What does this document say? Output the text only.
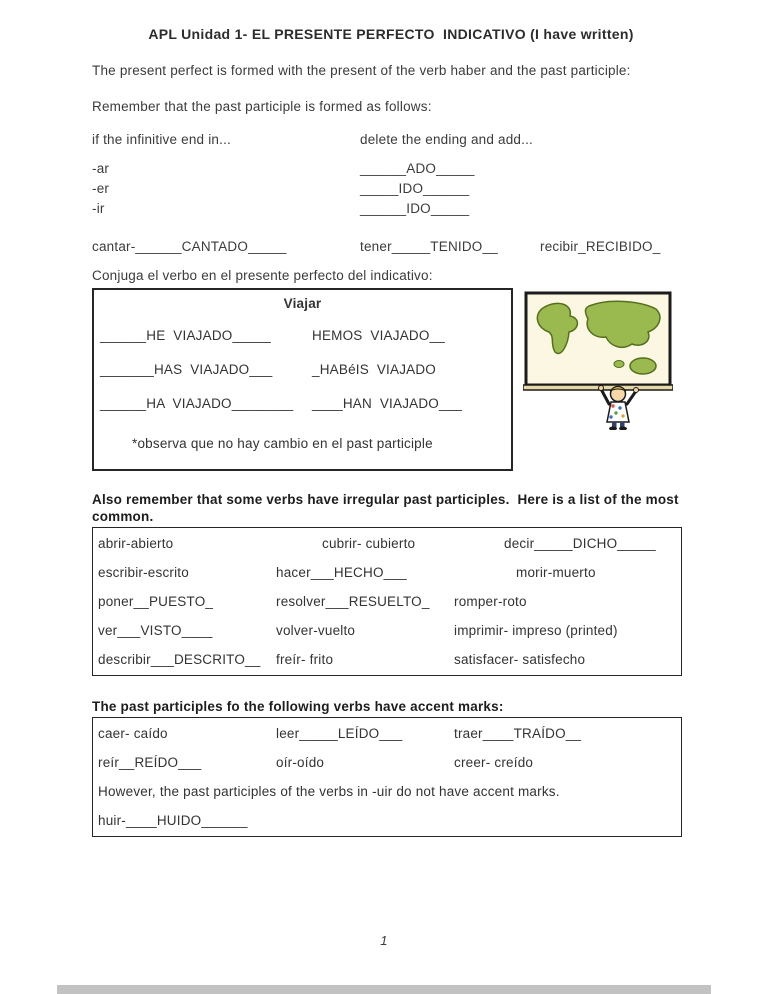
APL Unidad 1- EL PRESENTE PERFECTO  INDICATIVO (I have written)

The present perfect is formed with the present of the verb haber and the past participle:

Remember that the past participle is formed as follows:

if the infinitive end in...	delete the ending and add...
-ar	______ADO_____
-er	_____IDO______
-ir	______IDO_____
cantar-______CANTADO_____	tener_____TENIDO__	recibir_RECIBIDO_

Conjuga el verbo en el presente perfecto del indicativo:

Viajar
______HE  VIAJADO_____	HEMOS  VIAJADO__
_______HAS  VIAJADO___	_HABéIS  VIAJADO
______HA  VIAJADO________	____HAN  VIAJADO___
*observa que no hay cambio en el past participle

Also remember that some verbs have irregular past participles.  Here is a list of the most common.

abrir-abierto	cubrir- cubierto	decir_____DICHO_____
escribir-escrito	hacer___HECHO___	morir-muerto
poner__PUESTO_	resolver___RESUELTO_	romper-roto
ver___VISTO____	volver-vuelto	imprimir- impreso (printed)
describir___DESCRITO__	freír- frito	satisfacer- satisfecho

The past participles fo the following verbs have accent marks:

caer- caído	leer_____LEÍDO___	traer____TRAÍDO__
reír__REÍDO___	oír-oído	creer- creído
However, the past participles of the verbs in -uir do not have accent marks.
huir-____HUIDO______
1
